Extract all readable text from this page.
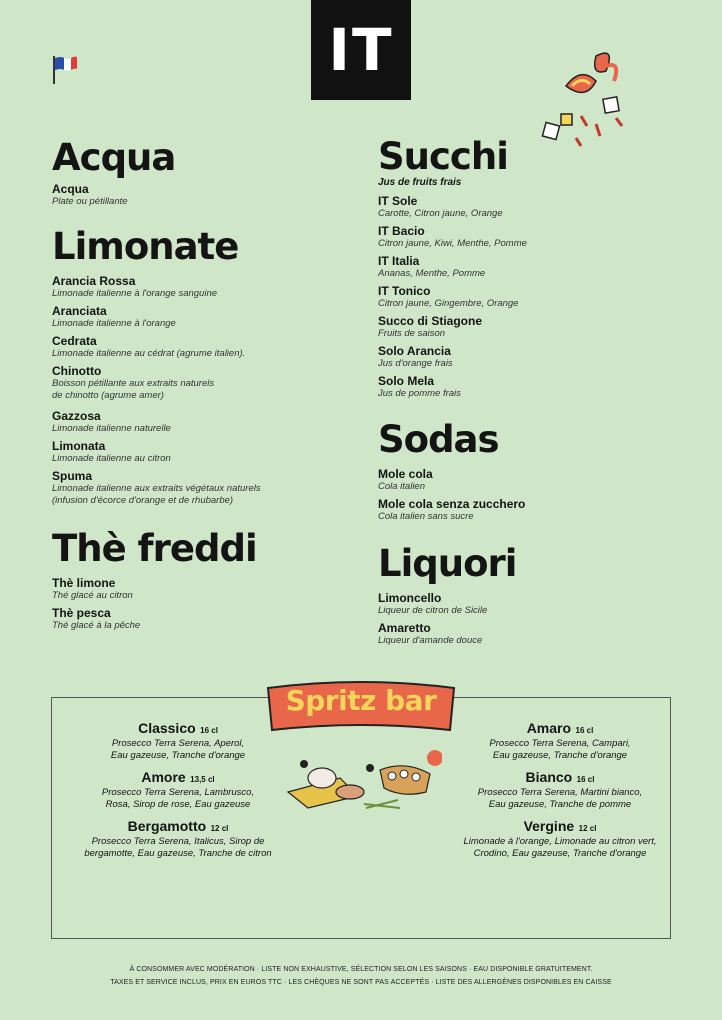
IT
Acqua
Acqua
Plate ou pétillante
Limonate
Arancia Rossa
Limonade italienne à l'orange sanguine
Aranciata
Limonade italienne à l'orange
Cedrata
Limonade italienne au cédrat (agrume italien).
Chinotto
Boisson pétillante aux extraits naturels
de chinotto (agrume amer)
Gazzosa
Limonade italienne naturelle
Limonata
Limonade italienne au citron
Spuma
Limonade italienne aux extraits végétaux naturels
(infusion d'écorce d'orange et de rhubarbe)
Thè freddi
Thè limone
Thé glacé au citron
Thè pesca
Thé glacé à la pêche
Succhi
Jus de fruits frais
IT Sole
Carotte, Citron jaune, Orange
IT Bacio
Citron jaune, Kiwi, Menthe, Pomme
IT Italia
Ananas, Menthe, Pomme
IT Tonico
Citron jaune, Gingembre, Orange
Succo di Stiagone
Fruits de saison
Solo Arancia
Jus d'orange frais
Solo Mela
Jus de pomme frais
Sodas
Mole cola
Cola italien
Mole cola senza zucchero
Cola italien sans sucre
Liquori
Limoncello
Liqueur de citron de Sicile
Amaretto
Liqueur d'amande douce
Spritz bar
Classico 16 cl
Prosecco Terra Serena, Aperol,
Eau gazeuse, Tranche d'orange
Amore 13,5 cl
Prosecco Terra Serena, Lambrusco,
Rosa, Sirop de rose, Eau gazeuse
Bergamotto 12 cl
Prosecco Terra Serena, Italicus, Sirop de
bergamotte, Eau gazeuse, Tranche de citron
Amaro 16 cl
Prosecco Terra Serena, Campari,
Eau gazeuse, Tranche d'orange
Bianco 16 cl
Prosecco Terra Serena, Martini bianco,
Eau gazeuse, Tranche de pomme
Vergine 12 cl
Limonade à l'orange, Limonade au citron vert,
Crodino, Eau gazeuse, Tranche d'orange
À CONSOMMER AVEC MODÉRATION · LISTE NON EXHAUSTIVE, SÉLECTION SELON LES SAISONS · EAU DISPONIBLE GRATUITEMENT.
TAXES ET SERVICE INCLUS, PRIX EN EUROS TTC · LES CHÈQUES NE SONT PAS ACCEPTÉS · LISTE DES ALLERGÈNES DISPONIBLES EN CAISSE
